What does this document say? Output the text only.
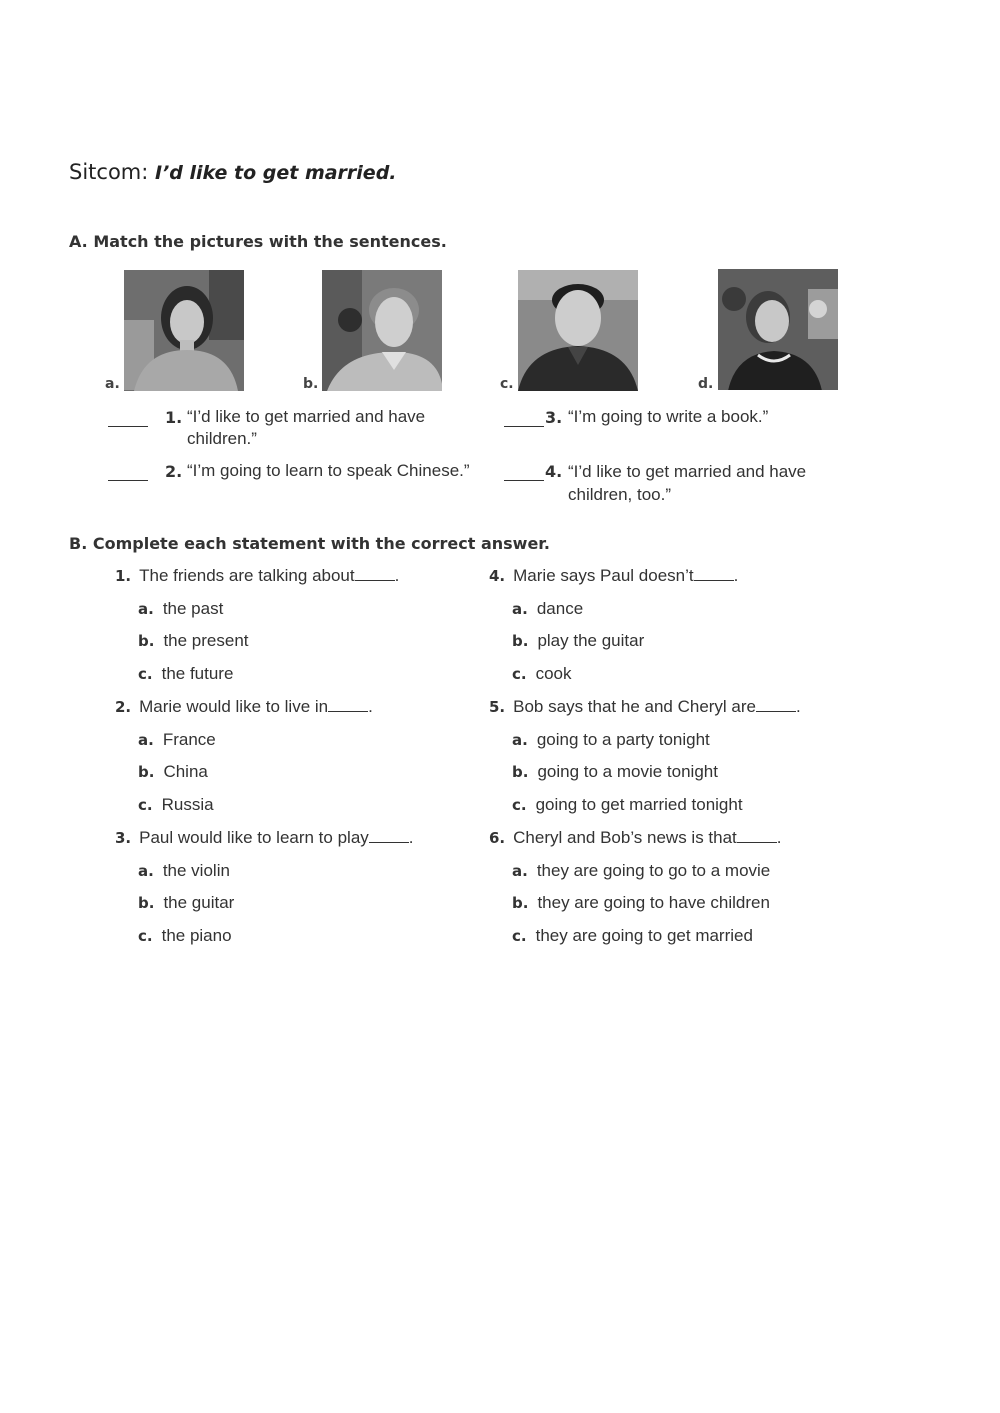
Sitcom: I’d like to get married.
A. Match the pictures with the sentences.
a.	b.	c.	d.
1. “I’d like to get married and have children.”
2. “I’m going to learn to speak Chinese.”
3. “I’m going to write a book.”
4. “I’d like to get married and have children, too.”
B. Complete each statement with the correct answer.
1. The friends are talking about .
a. the past
b. the present
c. the future
2. Marie would like to live in .
a. France
b. China
c. Russia
3. Paul would like to learn to play .
a. the violin
b. the guitar
c. the piano
4. Marie says Paul doesn’t .
a. dance
b. play the guitar
c. cook
5. Bob says that he and Cheryl are .
a. going to a party tonight
b. going to a movie tonight
c. going to get married tonight
6. Cheryl and Bob’s news is that .
a. they are going to go to a movie
b. they are going to have children
c. they are going to get married
